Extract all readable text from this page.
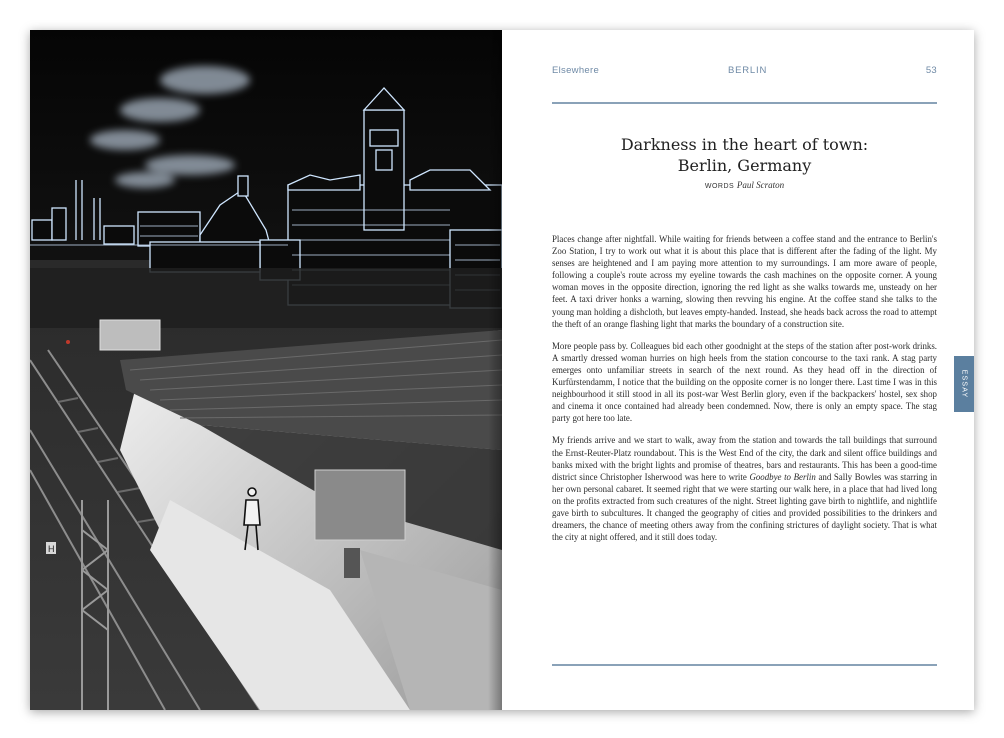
H
Elsewhere	BERLIN	53
Darkness in the heart of town:
Berlin, Germany
WORDS Paul Scraton

Places change after nightfall. While waiting for friends between a coffee stand and the entrance to Berlin's Zoo Station, I try to work out what it is about this place that is different after the fading of the light. My senses are heightened and I am paying more attention to my surroundings. I am more aware of people, following a couple's route across my eyeline towards the cash machines on the opposite corner. A young woman moves in the opposite direction, ignoring the red light as she walks towards me, unsteady on her feet. A taxi driver honks a warning, slowing then revving his engine. At the coffee stand she talks to the young man holding a dishcloth, but leaves empty-handed. Instead, she heads back across the road to attempt the theft of an orange flashing light that marks the boundary of a construction site.

More people pass by. Colleagues bid each other goodnight at the steps of the station after post-work drinks. A smartly dressed woman hurries on high heels from the station concourse to the taxi rank. A stag party emerges onto unfamiliar streets in search of the next round. As they head off in the direction of Kurfürstendamm, I notice that the building on the opposite corner is no longer there. Last time I was in this neighbourhood it still stood in all its post-war West Berlin glory, even if the backpackers' hostel, sex shop and cinema it once contained had already been condemned. Now, there is only an empty space. The stag party got here too late.

My friends arrive and we start to walk, away from the station and towards the tall buildings that surround the Ernst-Reuter-Platz roundabout. This is the West End of the city, the dark and silent office buildings and banks mixed with the bright lights and promise of theatres, bars and restaurants. This has been a good-time district since Christopher Isherwood was here to write Goodbye to Berlin and Sally Bowles was starring in her own personal cabaret. It seemed right that we were starting our walk here, in a place that had lived long on the profits extracted from such creatures of the night. Street lighting gave birth to nightlife, and nightlife gave birth to subcultures. It changed the geography of cities and provided possibilities to the drinkers and dreamers, the chance of meeting others away from the confining strictures of daylight society. That is what the city at night offered, and it still does today.

ESSAY
